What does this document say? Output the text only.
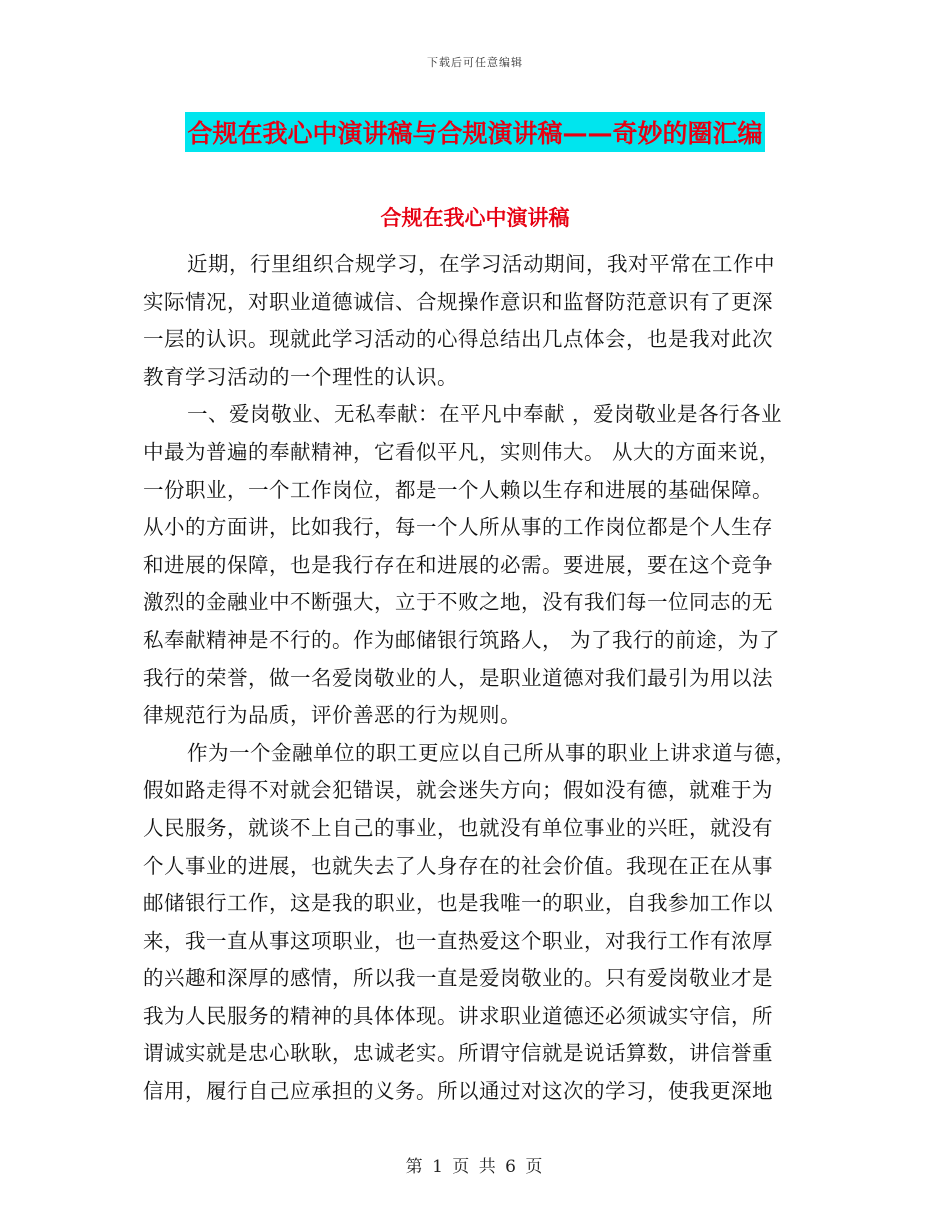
下载后可任意编辑
合规在我心中演讲稿与合规演讲稿——奇妙的圈汇编
合规在我心中演讲稿
近期，行里组织合规学习，在学习活动期间，我对平常在工作中
实际情况，对职业道德诚信、合规操作意识和监督防范意识有了更深
一层的认识。现就此学习活动的心得总结出几点体会，也是我对此次
教育学习活动的一个理性的认识。
一、爱岗敬业、无私奉献：在平凡中奉献 ，爱岗敬业是各行各业
中最为普遍的奉献精神，它看似平凡，实则伟大。 从大的方面来说，
一份职业，一个工作岗位，都是一个人赖以生存和进展的基础保障。
从小的方面讲，比如我行，每一个人所从事的工作岗位都是个人生存
和进展的保障，也是我行存在和进展的必需。要进展，要在这个竞争
激烈的金融业中不断强大，立于不败之地，没有我们每一位同志的无
私奉献精神是不行的。作为邮储银行筑路人， 为了我行的前途，为了
我行的荣誉，做一名爱岗敬业的人，是职业道德对我们最引为用以法
律规范行为品质，评价善恶的行为规则。
作为一个金融单位的职工更应以自己所从事的职业上讲求道与德，
假如路走得不对就会犯错误，就会迷失方向；假如没有德，就难于为
人民服务，就谈不上自己的事业，也就没有单位事业的兴旺，就没有
个人事业的进展，也就失去了人身存在的社会价值。我现在正在从事
邮储银行工作，这是我的职业，也是我唯一的职业，自我参加工作以
来，我一直从事这项职业，也一直热爱这个职业，对我行工作有浓厚
的兴趣和深厚的感情，所以我一直是爱岗敬业的。只有爱岗敬业才是
我为人民服务的精神的具体体现。讲求职业道德还必须诚实守信，所
谓诚实就是忠心耿耿，忠诚老实。所谓守信就是说话算数，讲信誉重
信用，履行自己应承担的义务。所以通过对这次的学习，使我更深地
第 1 页 共 6 页
